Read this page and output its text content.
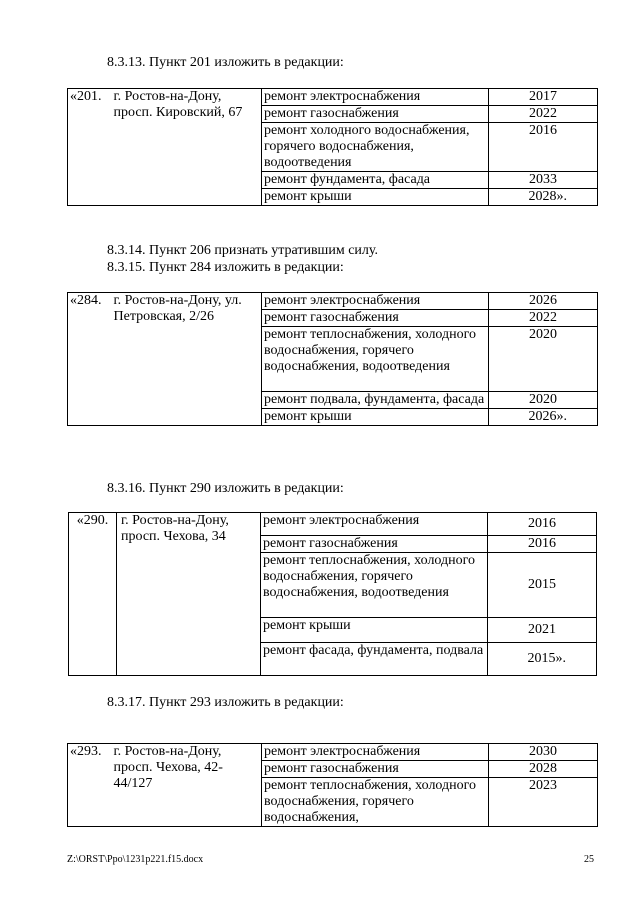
8.3.13. Пункт 201 изложить в редакции:
«201.	г. Ростов-на-Дону, просп. Кировский, 67	ремонт электроснабжения	2017
		ремонт газоснабжения	2022
		ремонт холодного водоснабжения, горячего водоснабжения, водоотведения	2016
		ремонт фундамента, фасада	2033
		ремонт крыши	2028».
8.3.14. Пункт 206 признать утратившим силу.
8.3.15. Пункт 284 изложить в редакции:
«284.	г. Ростов-на-Дону, ул. Петровская, 2/26	ремонт электроснабжения	2026
		ремонт газоснабжения	2022
		ремонт теплоснабжения, холодного водоснабжения, горячего водоснабжения, водоотведения	2020
		ремонт подвала, фундамента, фасада	2020
		ремонт крыши	2026».
8.3.16. Пункт 290 изложить в редакции:
«290.	г. Ростов-на-Дону, просп. Чехова, 34	ремонт электроснабжения	2016
		ремонт газоснабжения	2016
		ремонт теплоснабжения, холодного водоснабжения, горячего водоснабжения, водоотведения	2015
		ремонт крыши	2021
		ремонт фасада, фундамента, подвала	2015».
8.3.17. Пункт 293 изложить в редакции:
«293.	г. Ростов-на-Дону, просп. Чехова, 42-44/127	ремонт электроснабжения	2030
		ремонт газоснабжения	2028
		ремонт теплоснабжения, холодного водоснабжения, горячего водоснабжения,	2023
Z:\ORST\Ppo\1231p221.f15.docx	25
